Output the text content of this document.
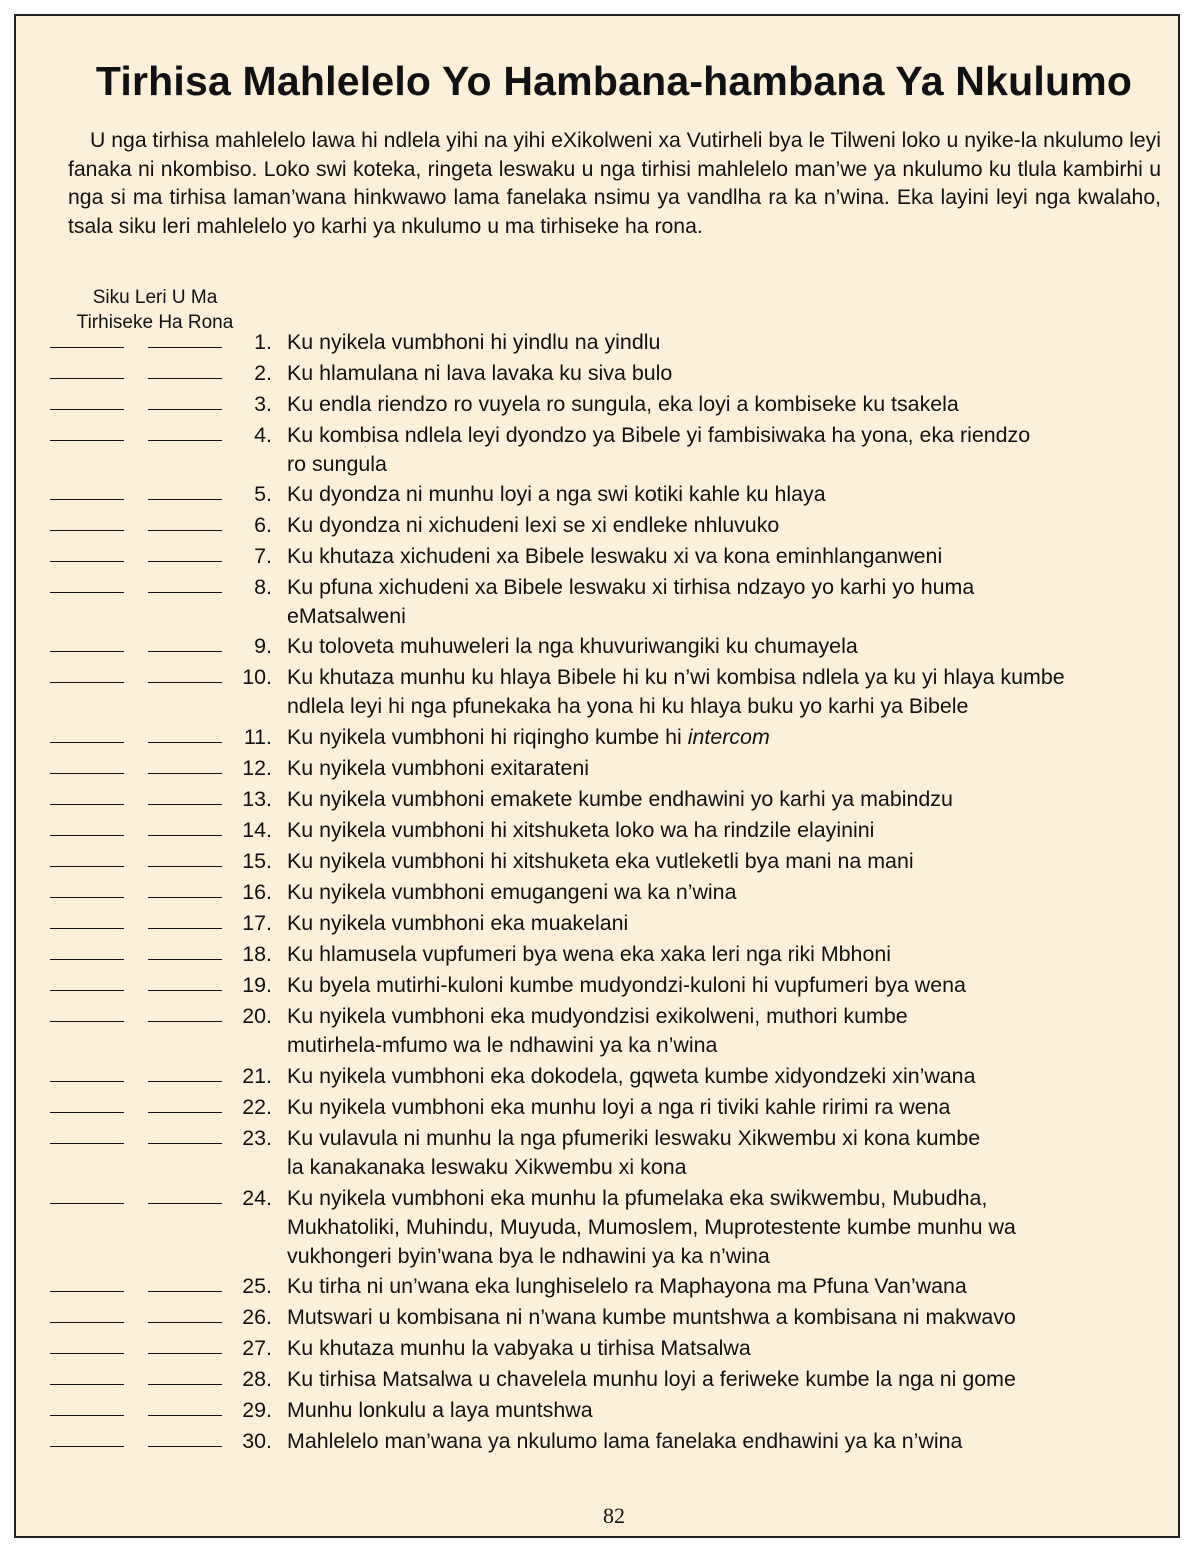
Tirhisa Mahlelelo Yo Hambana-hambana Ya Nkulumo

U nga tirhisa mahlelelo lawa hi ndlela yihi na yihi eXikolweni xa Vutirheli bya le Tilweni loko u nyike-la nkulumo leyi fanaka ni nkombiso. Loko swi koteka, ringeta leswaku u nga tirhisi mahlelelo man’we ya nkulumo ku tlula kambirhi u nga si ma tirhisa laman’wana hinkwawo lama fanelaka nsimu ya vandlha ra ka n’wina. Eka layini leyi nga kwalaho, tsala siku leri mahlelelo yo karhi ya nkulumo u ma tirhiseke ha rona.

Siku Leri U Ma Tirhiseke Ha Rona
82
1. Ku nyikela vumbhoni hi yindlu na yindlu
2. Ku hlamulana ni lava lavaka ku siva bulo
3. Ku endla riendzo ro vuyela ro sungula, eka loyi a kombiseke ku tsakela
4. Ku kombisa ndlela leyi dyondzo ya Bibele yi fambisiwaka ha yona, eka riendzo
ro sungula
5. Ku dyondza ni munhu loyi a nga swi kotiki kahle ku hlaya
6. Ku dyondza ni xichudeni lexi se xi endleke nhluvuko
7. Ku khutaza xichudeni xa Bibele leswaku xi va kona eminhlanganweni
8. Ku pfuna xichudeni xa Bibele leswaku xi tirhisa ndzayo yo karhi yo huma
eMatsalweni
9. Ku toloveta muhuweleri la nga khuvuriwangiki ku chumayela
10. Ku khutaza munhu ku hlaya Bibele hi ku n’wi kombisa ndlela ya ku yi hlaya kumbe
ndlela leyi hi nga pfunekaka ha yona hi ku hlaya buku yo karhi ya Bibele
11. Ku nyikela vumbhoni hi riqingho kumbe hi intercom
12. Ku nyikela vumbhoni exitarateni
13. Ku nyikela vumbhoni emakete kumbe endhawini yo karhi ya mabindzu
14. Ku nyikela vumbhoni hi xitshuketa loko wa ha rindzile elayinini
15. Ku nyikela vumbhoni hi xitshuketa eka vutleketli bya mani na mani
16. Ku nyikela vumbhoni emugangeni wa ka n’wina
17. Ku nyikela vumbhoni eka muakelani
18. Ku hlamusela vupfumeri bya wena eka xaka leri nga riki Mbhoni
19. Ku byela mutirhi-kuloni kumbe mudyondzi-kuloni hi vupfumeri bya wena
20. Ku nyikela vumbhoni eka mudyondzisi exikolweni, muthori kumbe
mutirhela-mfumo wa le ndhawini ya ka n’wina
21. Ku nyikela vumbhoni eka dokodela, gqweta kumbe xidyondzeki xin’wana
22. Ku nyikela vumbhoni eka munhu loyi a nga ri tiviki kahle ririmi ra wena
23. Ku vulavula ni munhu la nga pfumeriki leswaku Xikwembu xi kona kumbe
la kanakanaka leswaku Xikwembu xi kona
24. Ku nyikela vumbhoni eka munhu la pfumelaka eka swikwembu, Mubudha,
Mukhatoliki, Muhindu, Muyuda, Mumoslem, Muprotestente kumbe munhu wa
vukhongeri byin’wana bya le ndhawini ya ka n’wina
25. Ku tirha ni un’wana eka lunghiselelo ra Maphayona ma Pfuna Van’wana
26. Mutswari u kombisana ni n’wana kumbe muntshwa a kombisana ni makwavo
27. Ku khutaza munhu la vabyaka u tirhisa Matsalwa
28. Ku tirhisa Matsalwa u chavelela munhu loyi a feriweke kumbe la nga ni gome
29. Munhu lonkulu a laya muntshwa
30. Mahlelelo man’wana ya nkulumo lama fanelaka endhawini ya ka n’wina
